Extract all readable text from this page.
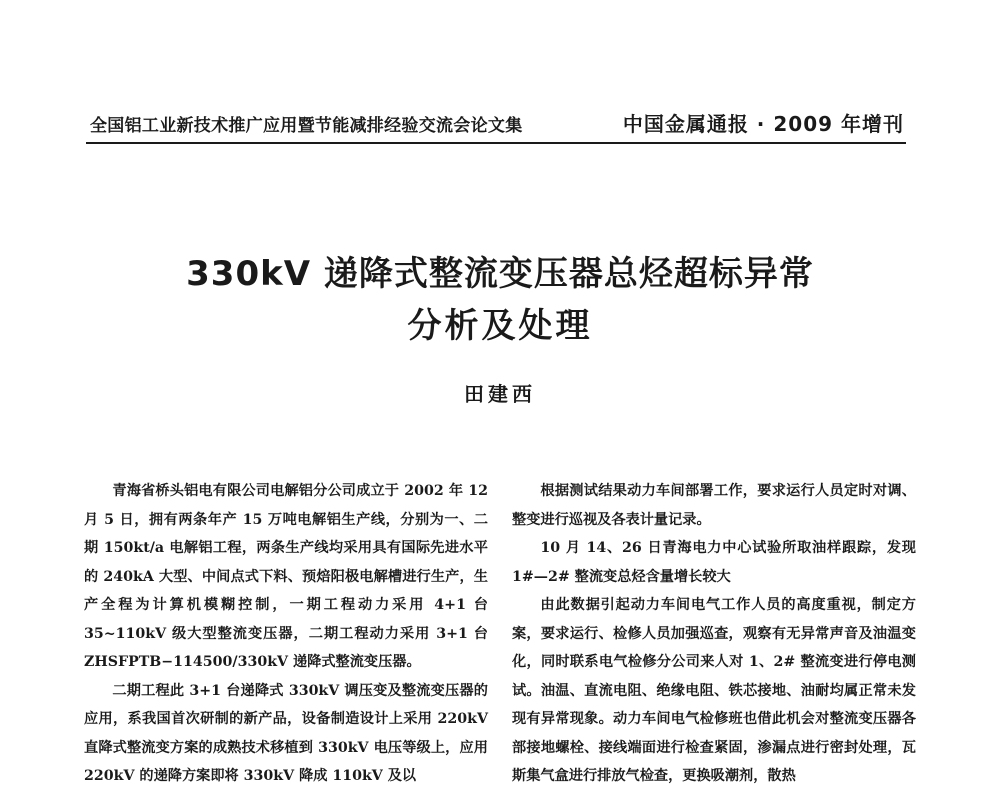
全国铝工业新技术推广应用暨节能减排经验交流会论文集	中国金属通报 · 2009 年增刊
330kV 递降式整流变压器总烃超标异常
分析及处理
田建西

青海省桥头铝电有限公司电解铝分公司成立于 2002 年 12 月 5 日，拥有两条年产 15 万吨电解铝生产线，分别为一、二期 150kt/a 电解铝工程，两条生产线均采用具有国际先进水平的 240kA 大型、中间点式下料、预焙阳极电解槽进行生产，生产全程为计算机模糊控制，一期工程动力采用 4+1 台 35~110kV 级大型整流变压器，二期工程动力采用 3+1 台 ZHSFPTB−114500/330kV 递降式整流变压器。

二期工程此 3+1 台递降式 330kV 调压变及整流变压器的应用，系我国首次研制的新产品，设备制造设计上采用 220kV 直降式整流变方案的成熟技术移植到 330kV 电压等级上，应用 220kV 的递降方案即将 330kV 降成 110kV 及以

根据测试结果动力车间部署工作，要求运行人员定时对调、整变进行巡视及各表计量记录。

10 月 14、26 日青海电力中心试验所取油样跟踪，发现 1#—2# 整流变总烃含量增长较大

由此数据引起动力车间电气工作人员的高度重视，制定方案，要求运行、检修人员加强巡查，观察有无异常声音及油温变化，同时联系电气检修分公司来人对 1、2# 整流变进行停电测试。油温、直流电阻、绝缘电阻、铁芯接地、油耐均属正常未发现有异常现象。动力车间电气检修班也借此机会对整流变压器各部接地螺栓、接线端面进行检查紧固，渗漏点进行密封处理，瓦斯集气盒进行排放气检查，更换吸潮剂，散热
